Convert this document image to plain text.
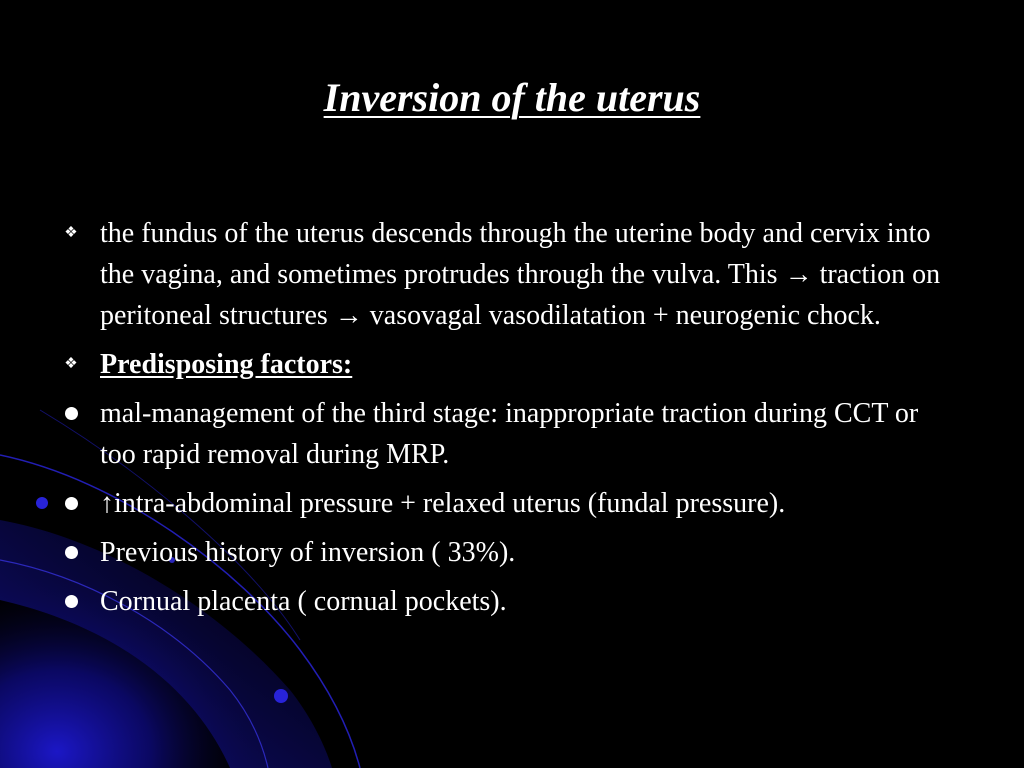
Inversion of the uterus
❖ the fundus of the uterus descends through the uterine body and cervix into the vagina, and sometimes protrudes through the vulva. This → traction on peritoneal structures → vasovagal vasodilatation + neurogenic chock.
❖ Predisposing factors:
mal-management of the third stage: inappropriate traction during CCT or too rapid removal during MRP.
↑intra-abdominal pressure + relaxed uterus (fundal pressure).
Previous history of inversion ( 33%).
Cornual placenta ( cornual pockets).
